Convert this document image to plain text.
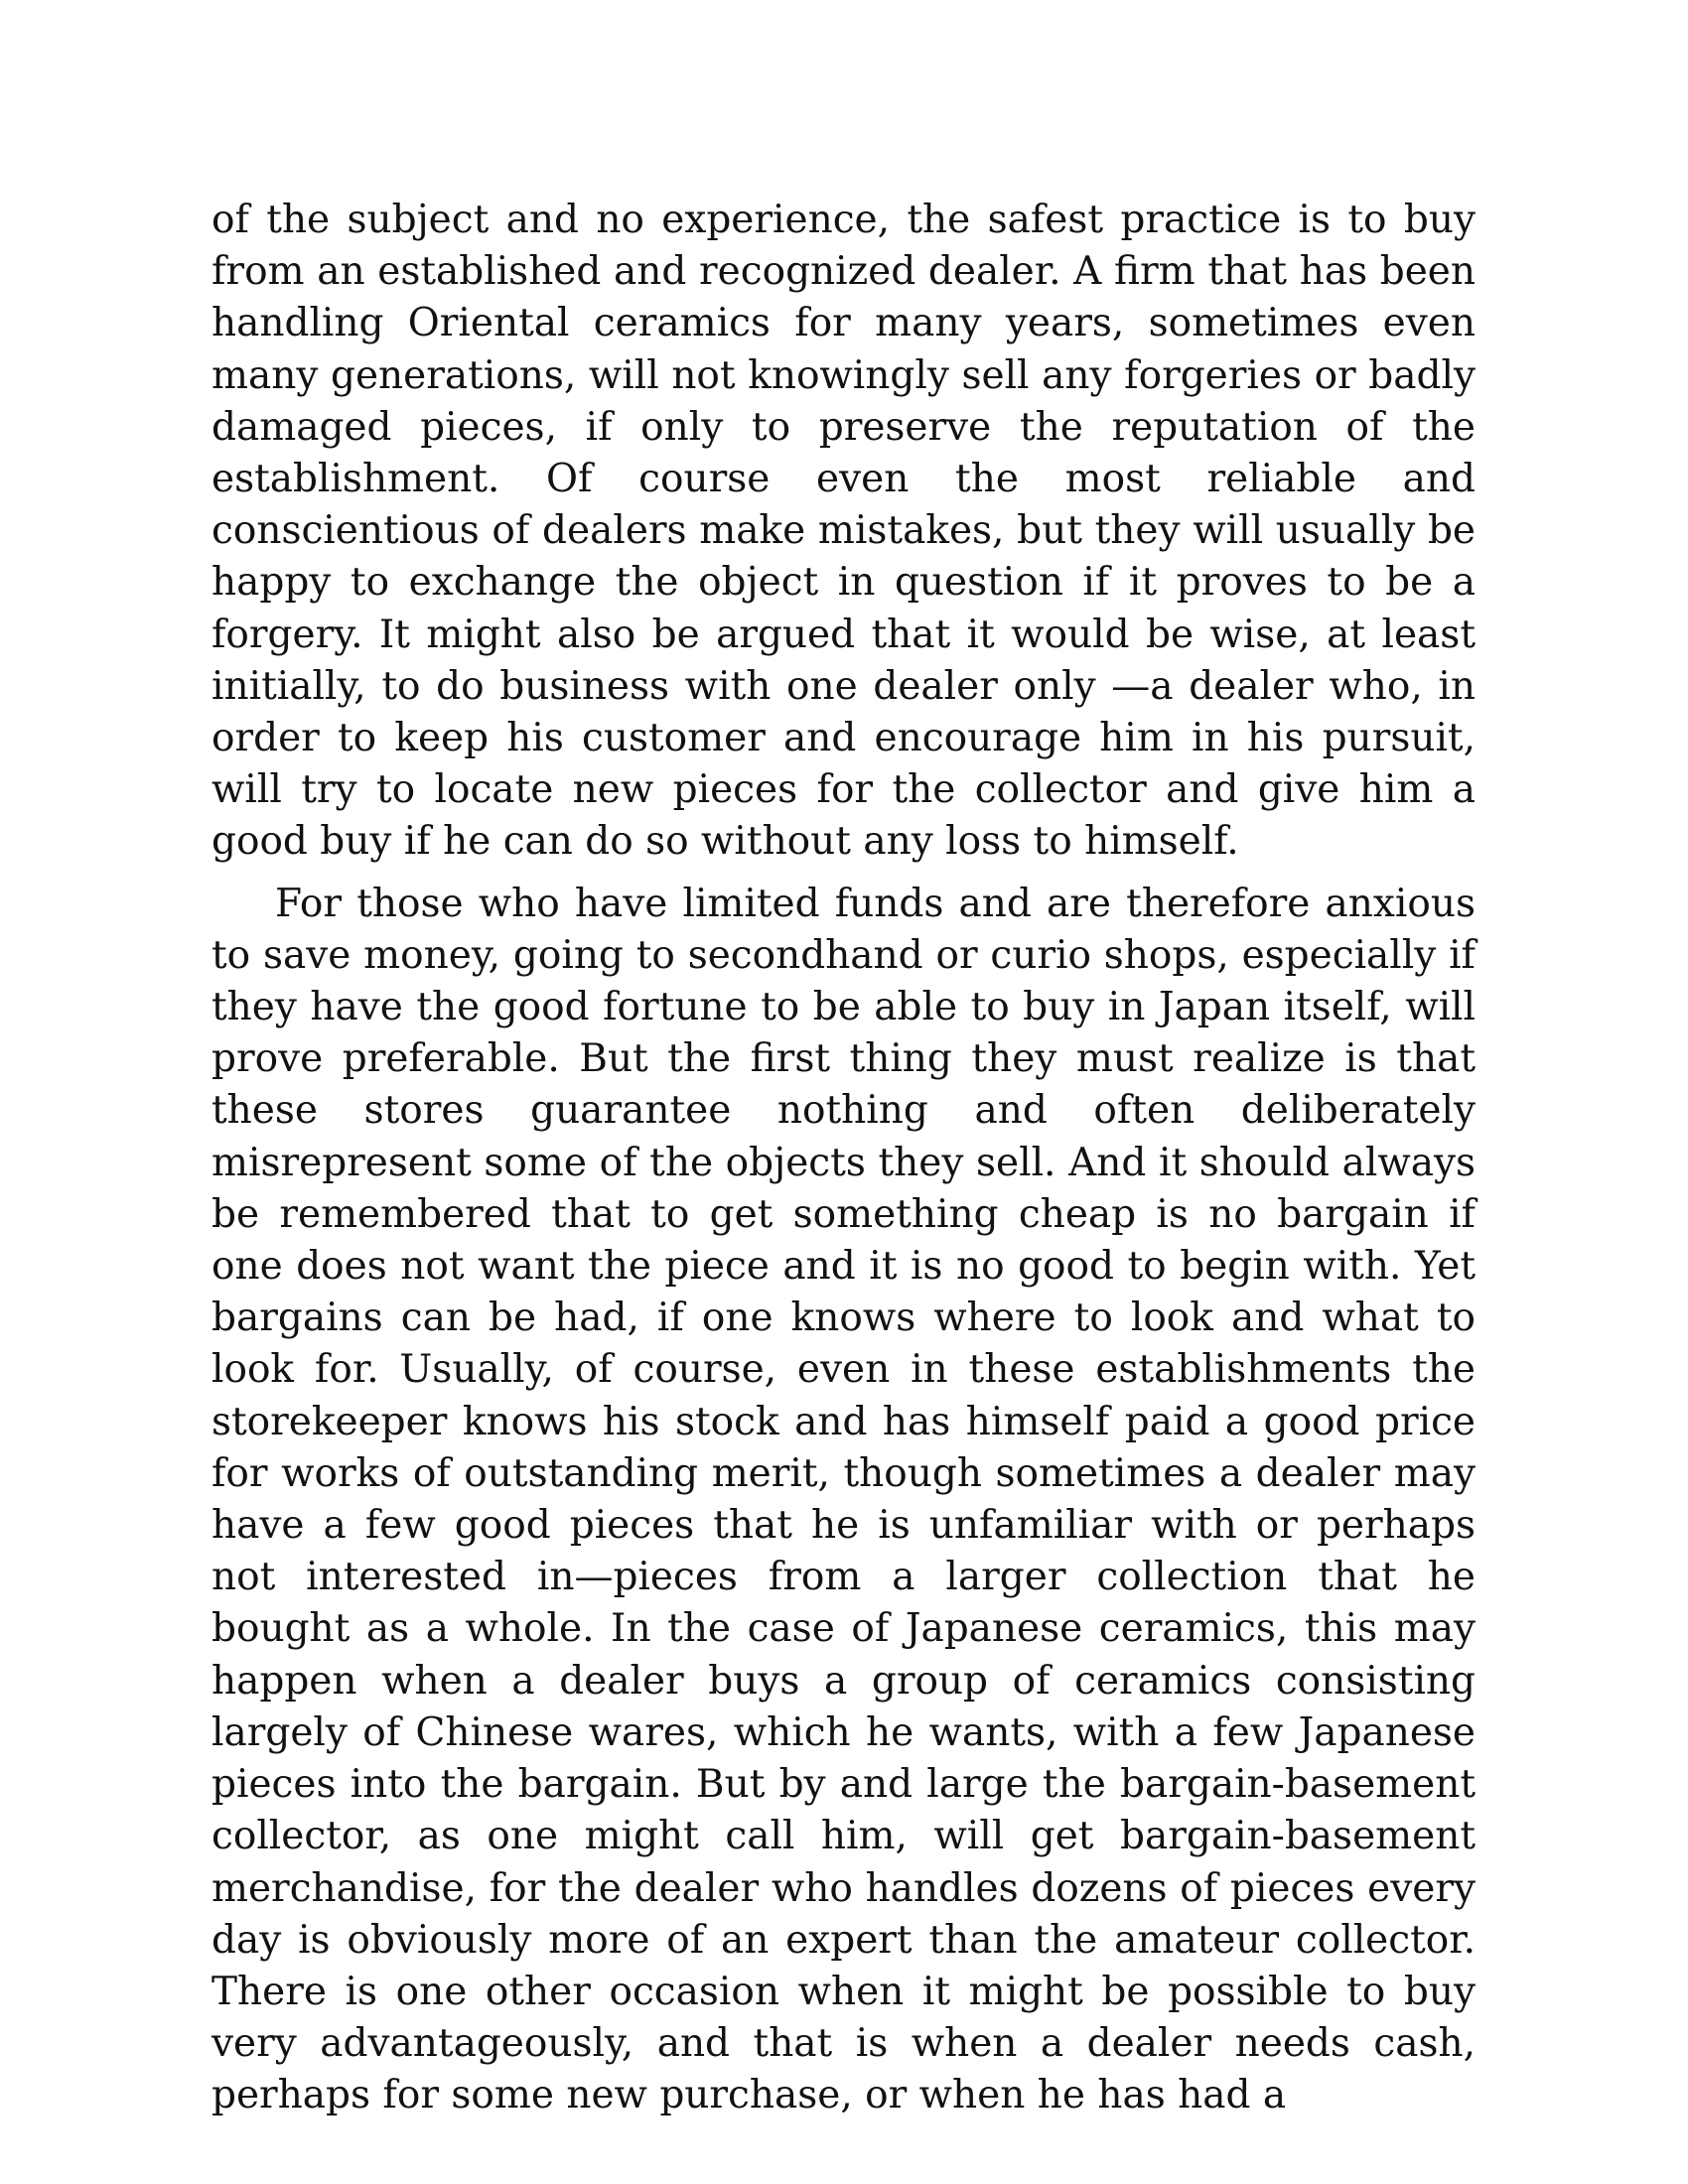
of the subject and no experience, the safest practice is to buy from an established and recognized dealer. A firm that has been handling Oriental ceramics for many years, sometimes even many generations, will not knowingly sell any forgeries or badly damaged pieces, if only to preserve the reputation of the establishment. Of course even the most reliable and conscientious of dealers make mistakes, but they will usually be happy to exchange the object in question if it proves to be a forgery. It might also be argued that it would be wise, at least initially, to do business with one dealer only —a dealer who, in order to keep his customer and encourage him in his pursuit, will try to locate new pieces for the collector and give him a good buy if he can do so without any loss to himself.

For those who have limited funds and are therefore anxious to save money, going to secondhand or curio shops, especially if they have the good fortune to be able to buy in Japan itself, will prove preferable. But the first thing they must realize is that these stores guarantee nothing and often deliberately misrepresent some of the objects they sell. And it should always be remembered that to get something cheap is no bargain if one does not want the piece and it is no good to begin with. Yet bargains can be had, if one knows where to look and what to look for. Usually, of course, even in these establishments the storekeeper knows his stock and has himself paid a good price for works of outstanding merit, though sometimes a dealer may have a few good pieces that he is unfamiliar with or perhaps not interested in—pieces from a larger collection that he bought as a whole. In the case of Japanese ceramics, this may happen when a dealer buys a group of ceramics consisting largely of Chinese wares, which he wants, with a few Japanese pieces into the bargain. But by and large the bargain-basement collector, as one might call him, will get bargain-basement merchandise, for the dealer who handles dozens of pieces every day is obviously more of an expert than the amateur collector. There is one other occasion when it might be possible to buy very advantageously, and that is when a dealer needs cash, perhaps for some new purchase, or when he has had a
